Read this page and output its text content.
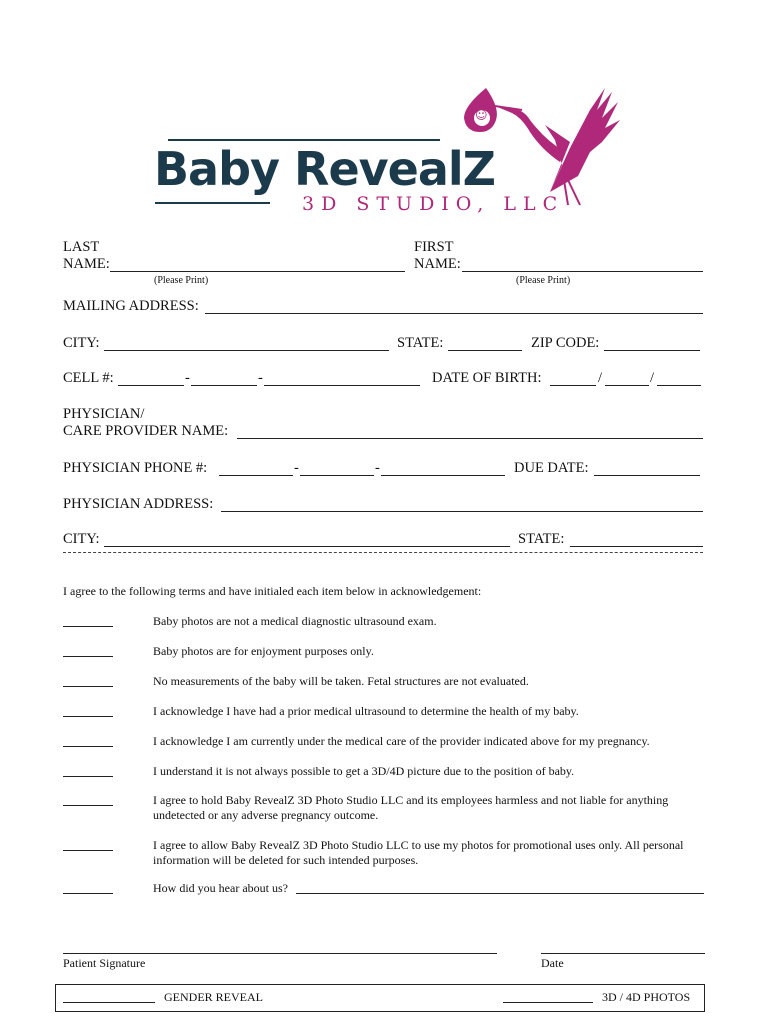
☺
Baby RevealZ
3D STUDIO, LLC
LAST
NAME:
(Please Print)
FIRST
NAME:
(Please Print)
MAILING ADDRESS:
CITY:	STATE:	ZIP CODE:
CELL #:	-	-	DATE OF BIRTH:	/	/
PHYSICIAN/
CARE PROVIDER NAME:
PHYSICIAN PHONE #:	-	-	DUE DATE:
PHYSICIAN ADDRESS:
CITY:	STATE:
I agree to the following terms and have initialed each item below in acknowledgement:
Baby photos are not a medical diagnostic ultrasound exam.
Baby photos are for enjoyment purposes only.
No measurements of the baby will be taken. Fetal structures are not evaluated.
I acknowledge I have had a prior medical ultrasound to determine the health of my baby.
I acknowledge I am currently under the medical care of the provider indicated above for my pregnancy.
I understand it is not always possible to get a 3D/4D picture due to the position of baby.
I agree to hold Baby RevealZ 3D Photo Studio LLC and its employees harmless and not liable for anything undetected or any adverse pregnancy outcome.
I agree to allow Baby RevealZ 3D Photo Studio LLC to use my photos for promotional uses only. All personal information will be deleted for such intended purposes.
How did you hear about us?
Patient Signature	Date
GENDER REVEAL	3D / 4D PHOTOS
